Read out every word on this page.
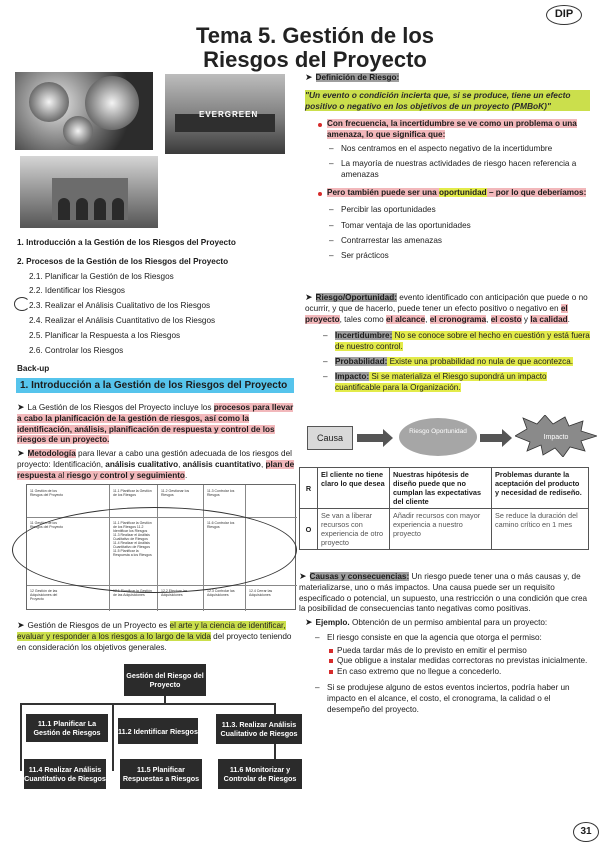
DIP
Tema 5. Gestión de los
Riesgos del Proyecto
EVERGREEN
1. Introducción a la Gestión de los Riesgos del Proyecto
2. Procesos de la Gestión de los Riesgos del Proyecto
2.1. Planificar la Gestión de los Riesgos
2.2. Identificar los Riesgos
2.3. Realizar el Análisis Cualitativo de los Riesgos
2.4. Realizar el Análisis Cuantitativo de los Riesgos
2.5. Planificar la Respuesta a los Riesgos
2.6. Controlar los Riesgos
Back-up
1. Introducción a la Gestión de los Riesgos del Proyecto
➤ La Gestión de los Riesgos del Proyecto incluye los procesos para llevar a cabo la planificación de la gestión de riesgos, así como la identificación, análisis, planificación de respuesta y control de los riesgos de un proyecto.
➤ Metodología para llevar a cabo una gestión adecuada de los riesgos del proyecto: Identificación, análisis cualitativo, análisis cuantitativo, plan de respuesta al riesgo y control y seguimiento.
11 Gestión de los Riesgos del Proyecto
11.1 Planificar la Gestión de los Riesgos
11.2 Gestionar los Riesgos
11.3 Controlar los Riesgos
11 Gestión de los Riesgos del Proyecto
11.1 Planificar la Gestión de los Riesgos 11.2 Identificar los Riesgos 11.3 Realizar el Análisis Cualitativo de Riesgos 11.4 Realizar el Análisis Cuantitativo de Riesgos 11.5 Planificar la Respuesta a los Riesgos
11.6 Controlar los Riesgos
12 Gestión de las Adquisiciones del Proyecto
12.1 Planificar la Gestión de las Adquisiciones
12.2 Efectuar las Adquisiciones
12.3 Controlar las Adquisiciones
12.4 Cerrar las Adquisiciones
➤ Gestión de Riesgos de un Proyecto es el arte y la ciencia de identificar, evaluar y responder a los riesgos a lo largo de la vida del proyecto teniendo en consideración los objetivos generales.
Gestión del Riesgo del Proyecto
11.1 Planificar La Gestión de Riesgos	11.2 Identificar Riesgos
11.3. Realizar Análisis Cualitativo de Riesgos
11.4 Realizar Análisis Cuantitativo de Riesgos
11.5 Planificar Respuestas a Riesgos
11.6 Monitorizar y Controlar de Riesgos
➤ Definición de Riesgo:
"Un evento o condición incierta que, si se produce, tiene un efecto positivo o negativo en los objetivos de un proyecto (PMBoK)"
Con frecuencia, la incertidumbre se ve como un problema o una amenaza, lo que significa que:
– Nos centramos en el aspecto negativo de la incertidumbre
– La mayoría de nuestras actividades de riesgo hacen referencia a amenazas
Pero también puede ser una oportunidad – por lo que deberíamos:
– Percibir las oportunidades
– Tomar ventaja de las oportunidades
– Contrarrestar las amenazas
– Ser prácticos
➤ Riesgo/Oportunidad: evento identificado con anticipación que puede o no ocurrir, y que de hacerlo, puede tener un efecto positivo o negativo en el proyecto, tales como el alcance, el cronograma, el costo y la calidad.
– Incertidumbre: No se conoce sobre el hecho en cuestión y está fuera de nuestro control.
– Probabilidad: Existe una probabilidad no nula de que acontezca.
– Impacto: Si se materializa el Riesgo supondrá un impacto cuantificable para la Organización.
Causa
Riesgo Oportunidad
Impacto
R	El cliente no tiene claro lo que desea	Nuestras hipótesis de diseño puede que no cumplan las expectativas del cliente	Problemas durante la aceptación del producto y necesidad de rediseño.
O	Se van a liberar recursos con experiencia de otro proyecto	Añadir recursos con mayor experiencia a nuestro proyecto	Se reduce la duración del camino crítico en 1 mes
➤ Causas y consecuencias: Un riesgo puede tener una o más causas y, de materializarse, uno o más impactos. Una causa puede ser un requisito especificado o potencial, un supuesto, una restricción o una condición que crea la posibilidad de consecuencias tanto negativas como positivas.
➤ Ejemplo. Obtención de un permiso ambiental para un proyecto:
– El riesgo consiste en que la agencia que otorga el permiso:
Pueda tardar más de lo previsto en emitir el permiso
Que obligue a instalar medidas correctoras no previstas inicialmente.
En caso extremo que no llegue a concederlo.
– Si se produjese alguno de estos eventos inciertos, podría haber un impacto en el alcance, el costo, el cronograma, la calidad o el desempeño del proyecto.
31
